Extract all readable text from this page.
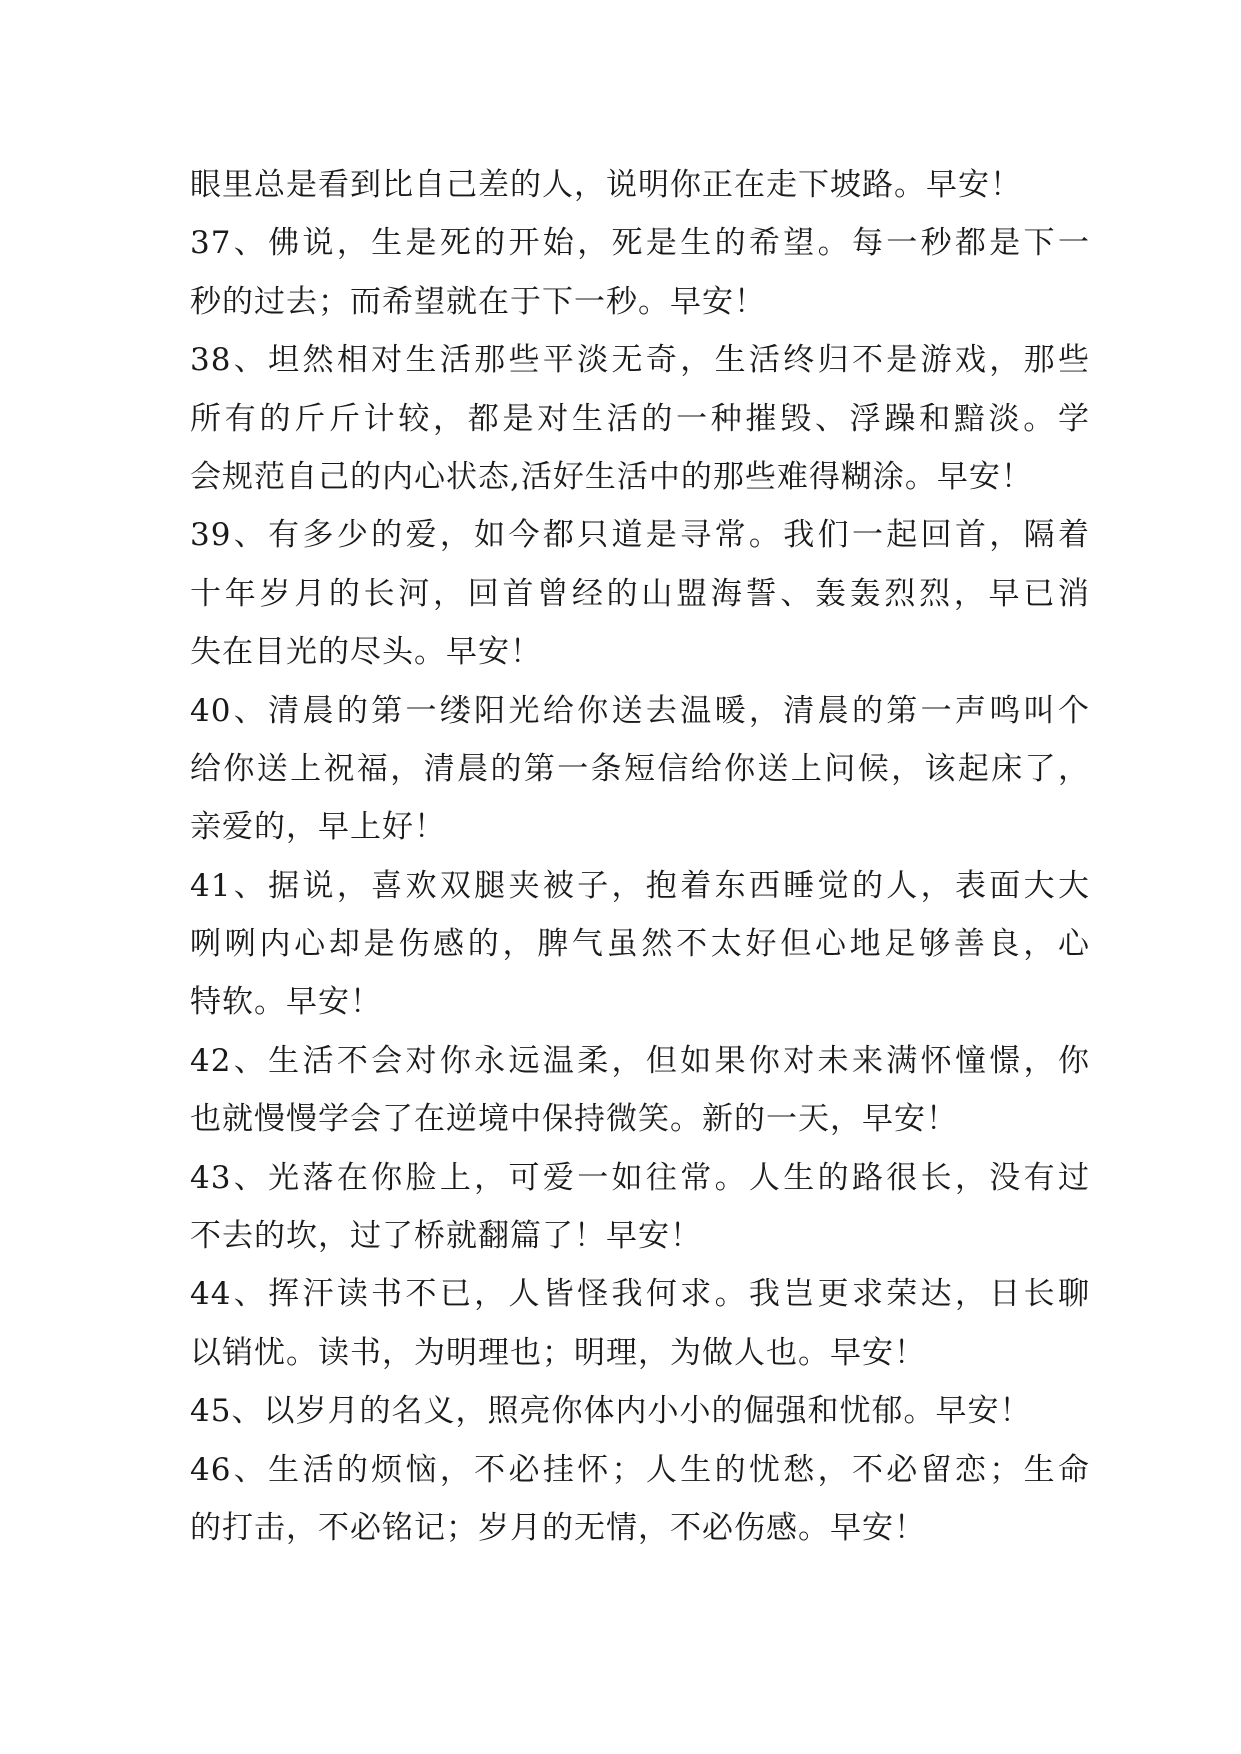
眼里总是看到比自己差的人，说明你正在走下坡路。早安！
37、佛说，生是死的开始，死是生的希望。每一秒都是下一
秒的过去；而希望就在于下一秒。早安！
38、坦然相对生活那些平淡无奇，生活终归不是游戏，那些
所有的斤斤计较，都是对生活的一种摧毁、浮躁和黯淡。学
会规范自己的内心状态,活好生活中的那些难得糊涂。早安！
39、有多少的爱，如今都只道是寻常。我们一起回首，隔着
十年岁月的长河，回首曾经的山盟海誓、轰轰烈烈，早已消
失在目光的尽头。早安！
40、清晨的第一缕阳光给你送去温暖，清晨的第一声鸣叫个
给你送上祝福，清晨的第一条短信给你送上问候，该起床了，
亲爱的，早上好！
41、据说，喜欢双腿夹被子，抱着东西睡觉的人，表面大大
咧咧内心却是伤感的，脾气虽然不太好但心地足够善良，心
特软。早安！
42、生活不会对你永远温柔，但如果你对未来满怀憧憬，你
也就慢慢学会了在逆境中保持微笑。新的一天，早安！
43、光落在你脸上，可爱一如往常。人生的路很长，没有过
不去的坎，过了桥就翻篇了！早安！
44、挥汗读书不已，人皆怪我何求。我岂更求荣达，日长聊
以销忧。读书，为明理也；明理，为做人也。早安！
45、以岁月的名义，照亮你体内小小的倔强和忧郁。早安！
46、生活的烦恼，不必挂怀；人生的忧愁，不必留恋；生命
的打击，不必铭记；岁月的无情，不必伤感。早安！
